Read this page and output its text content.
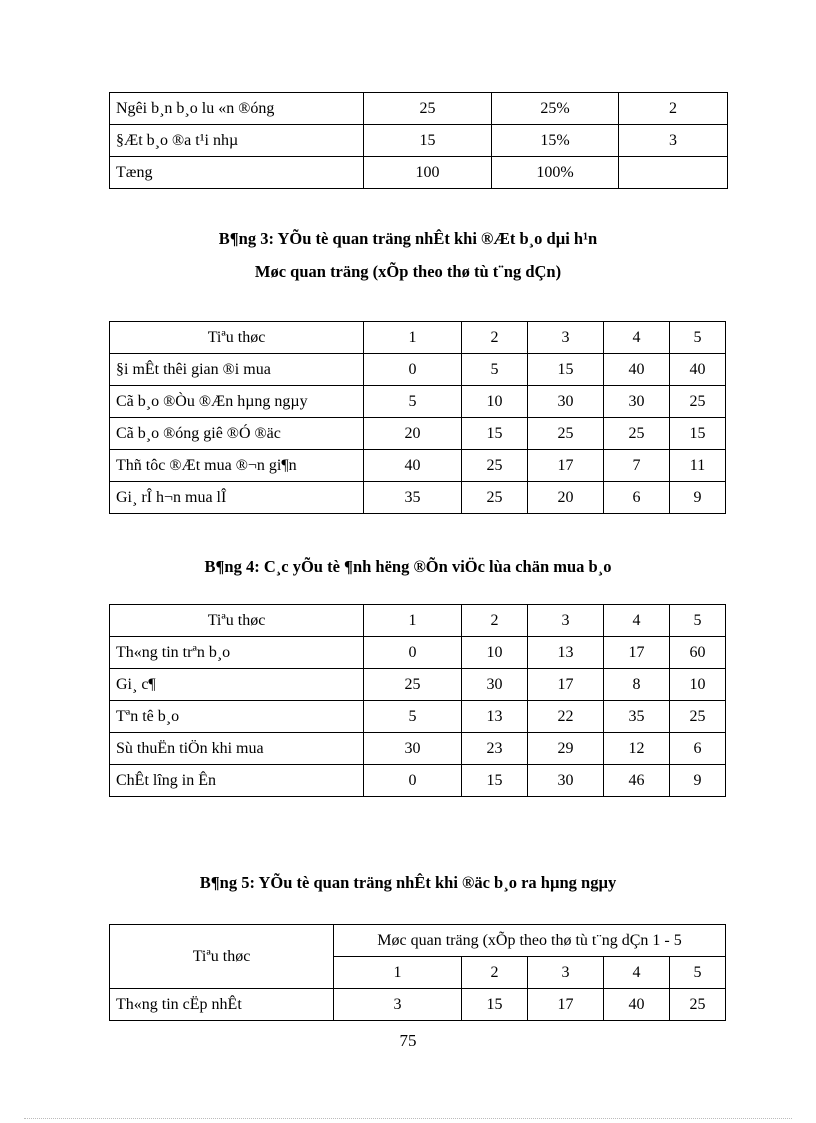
Ngêi b¸n b¸o lu «n ®óng	25	25%	2
§Æt b¸o ®a t¹i nhµ	15	15%	3
Tæng	100	100%	
B¶ng 3: YÕu tè quan träng nhÊt khi ®Æt b¸o dµi h¹n
Møc quan träng (xÕp theo thø tù t¨ng dÇn)
Tiªu thøc	1	2	3	4	5
§i mÊt thêi gian ®i mua	0	5	15	40	40
Cã b¸o ®Òu ®Æn hµng ngµy	5	10	30	30	25
Cã b¸o ®óng giê ®Ó ®äc	20	15	25	25	15
Thñ tôc ®Æt mua ®¬n gi¶n	40	25	17	7	11
Gi¸ rÎ h¬n mua lÎ	35	25	20	6	9
B¶ng 4: C¸c yÕu tè ¶nh hëng ®Õn viÖc lùa chän mua b¸o
Tiªu thøc	1	2	3	4	5
Th«ng tin trªn b¸o	0	10	13	17	60
Gi¸ c¶	25	30	17	8	10
Tªn tê b¸o	5	13	22	35	25
Sù thuËn tiÖn khi mua	30	23	29	12	6
ChÊt lîng in Ên	0	15	30	46	9
B¶ng 5: YÕu tè quan träng nhÊt khi ®äc b¸o ra hµng ngµy
Tiªu thøc	Møc quan träng (xÕp theo thø tù t¨ng dÇn 1 - 5				
	1	2	3	4	5
Th«ng tin cËp nhÊt	3	15	17	40	25
75
